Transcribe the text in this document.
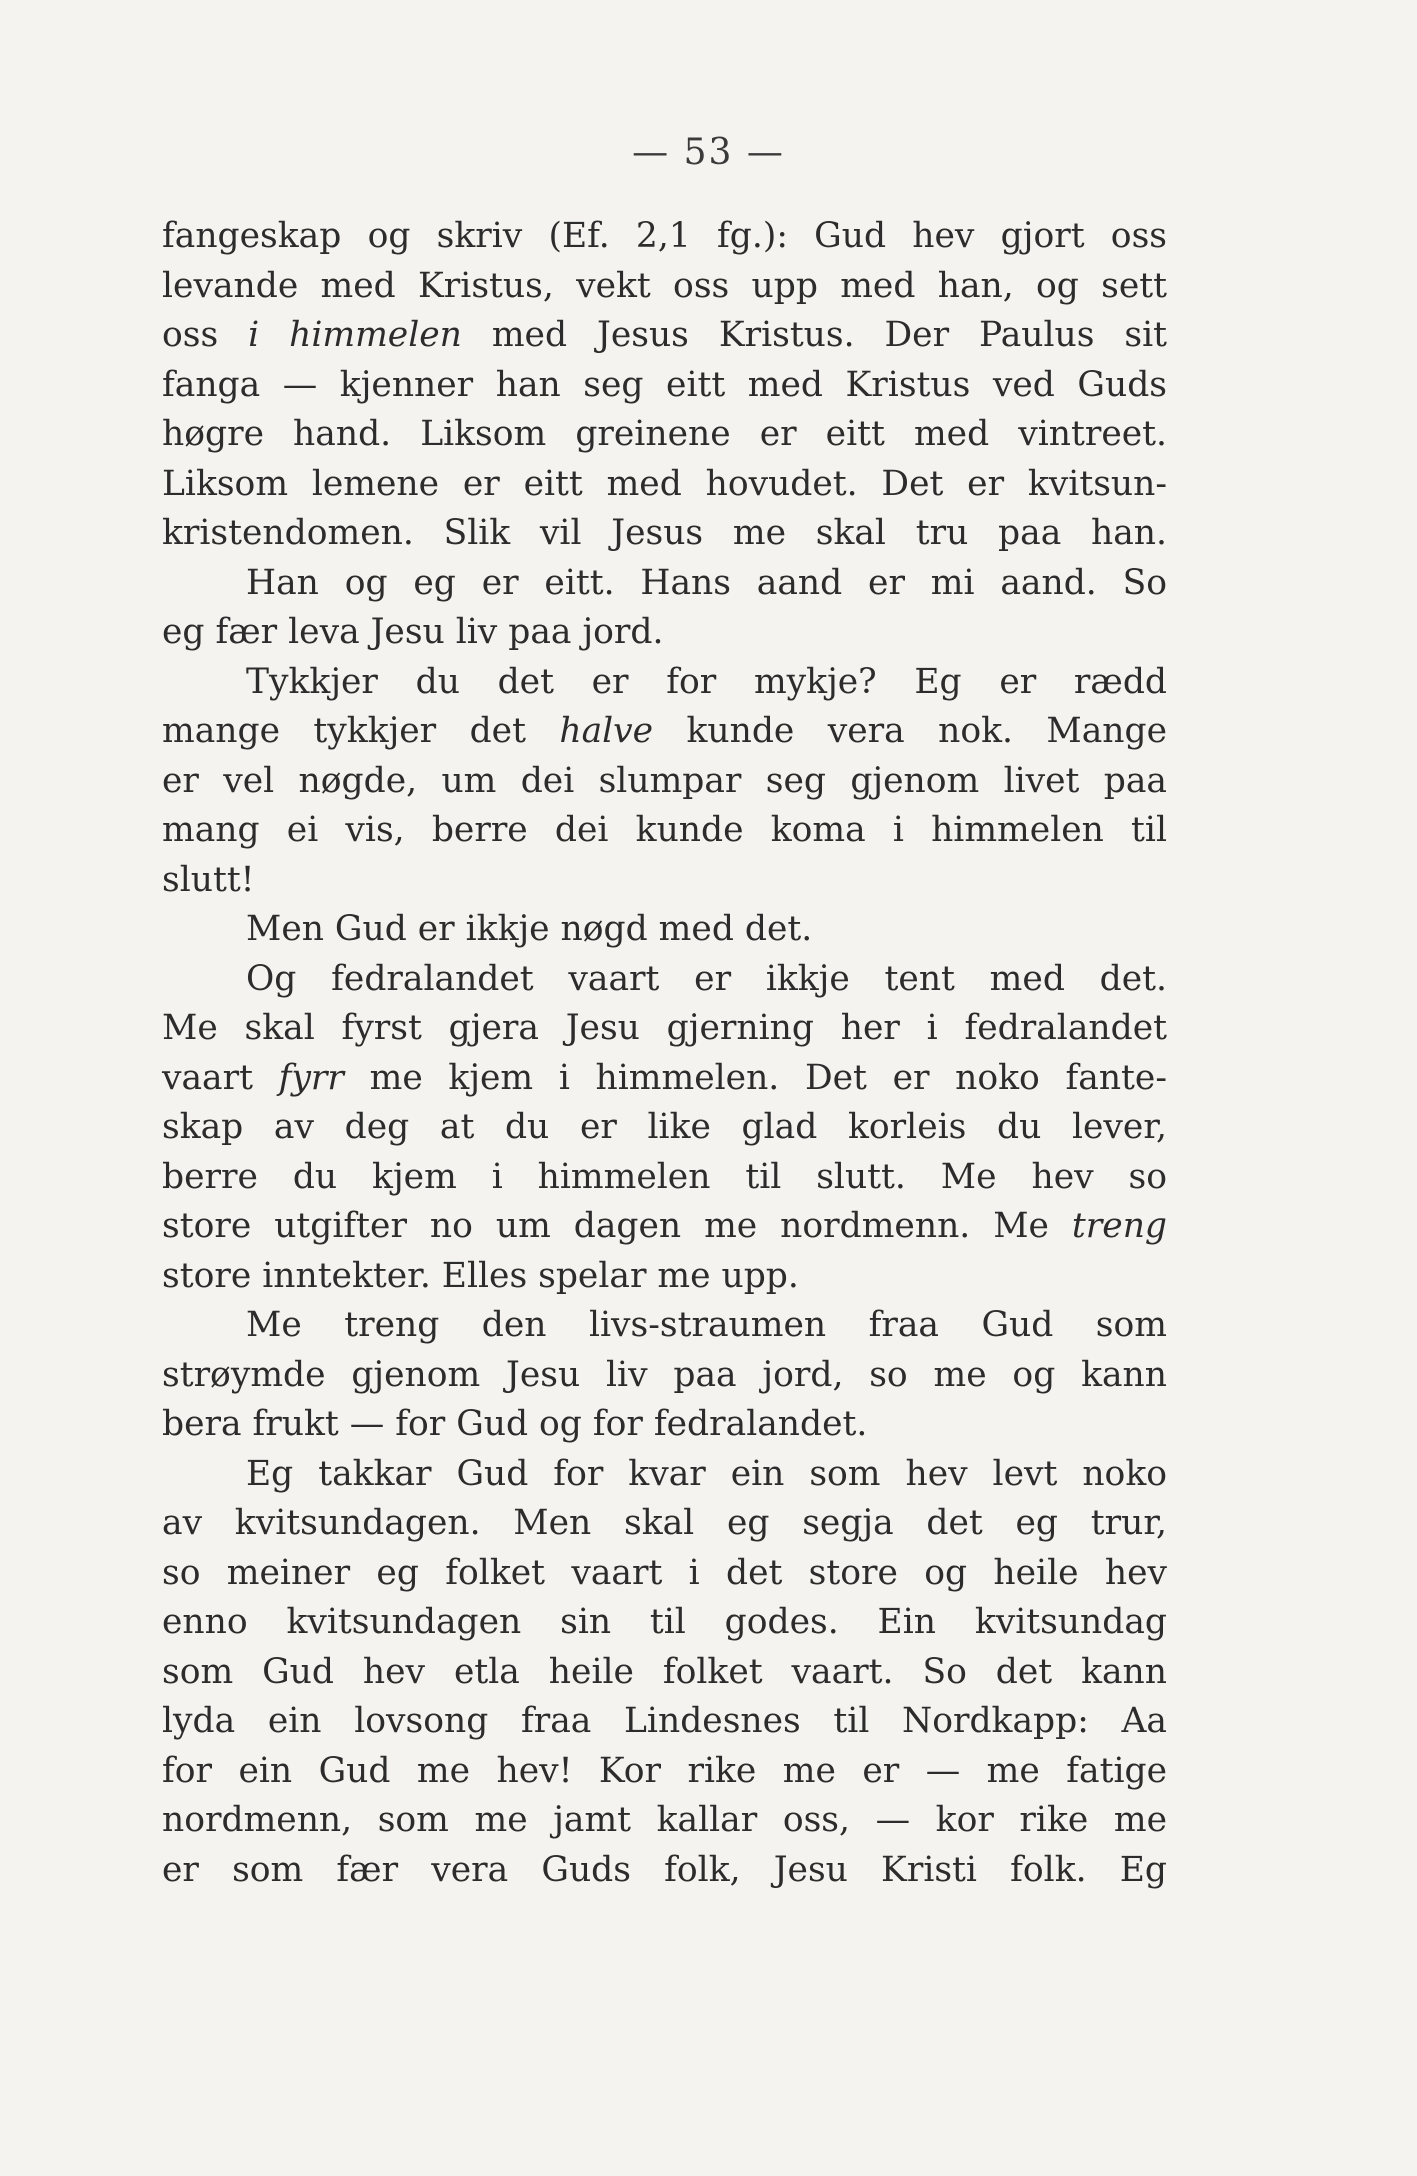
— 53 —
fangeskap og skriv (Ef. 2,1 fg.): Gud hev gjort oss
levande med Kristus, vekt oss upp med han, og sett
oss i himmelen med Jesus Kristus. Der Paulus sit
fanga — kjenner han seg eitt med Kristus ved Guds
høgre hand. Liksom greinene er eitt med vintreet.
Liksom lemene er eitt med hovudet. Det er kvitsun-
kristendomen. Slik vil Jesus me skal tru paa han.
Han og eg er eitt. Hans aand er mi aand. So
eg fær leva Jesu liv paa jord.
Tykkjer du det er for mykje? Eg er rædd
mange tykkjer det halve kunde vera nok. Mange
er vel nøgde, um dei slumpar seg gjenom livet paa
mang ei vis, berre dei kunde koma i himmelen til
slutt!
Men Gud er ikkje nøgd med det.
Og fedralandet vaart er ikkje tent med det.
Me skal fyrst gjera Jesu gjerning her i fedralandet
vaart fyrr me kjem i himmelen. Det er noko fante-
skap av deg at du er like glad korleis du lever,
berre du kjem i himmelen til slutt. Me hev so
store utgifter no um dagen me nordmenn. Me treng
store inntekter. Elles spelar me upp.
Me treng den livs-straumen fraa Gud som
strøymde gjenom Jesu liv paa jord, so me og kann
bera frukt — for Gud og for fedralandet.
Eg takkar Gud for kvar ein som hev levt noko
av kvitsundagen. Men skal eg segja det eg trur,
so meiner eg folket vaart i det store og heile hev
enno kvitsundagen sin til godes. Ein kvitsundag
som Gud hev etla heile folket vaart. So det kann
lyda ein lovsong fraa Lindesnes til Nordkapp: Aa
for ein Gud me hev! Kor rike me er — me fatige
nordmenn, som me jamt kallar oss, — kor rike me
er som fær vera Guds folk, Jesu Kristi folk. Eg
